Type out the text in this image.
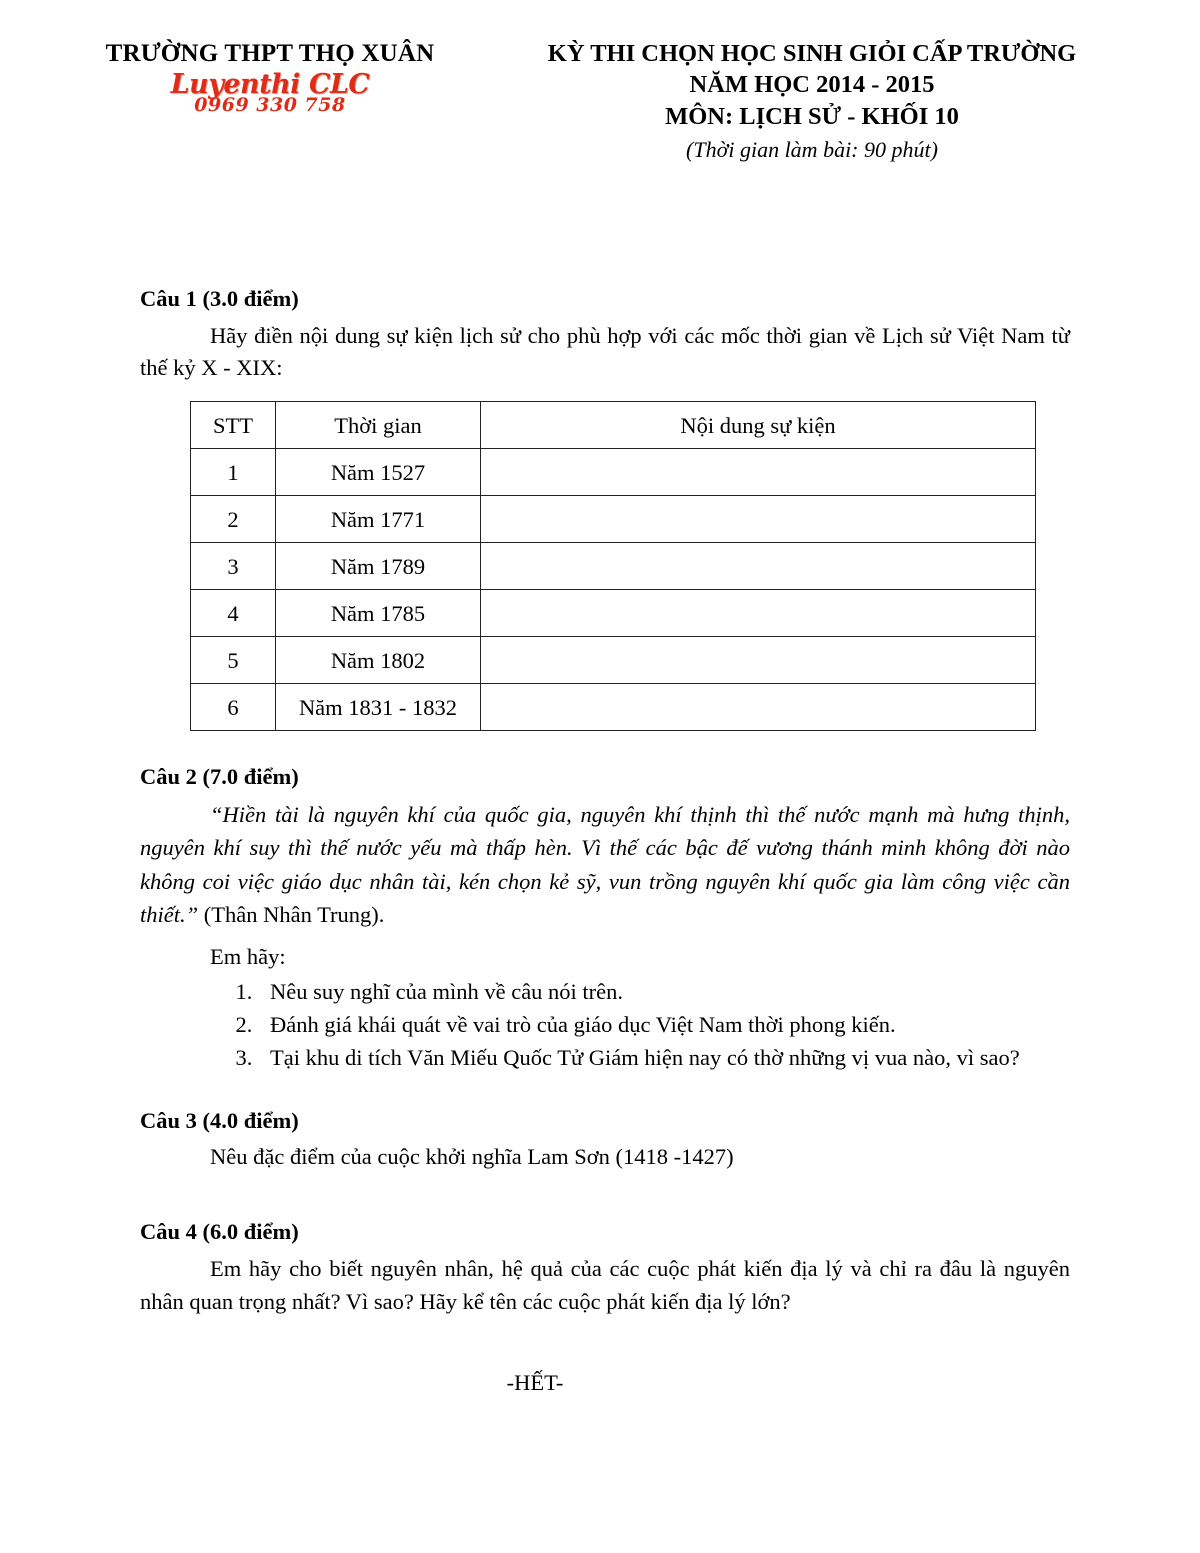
TRƯỜNG THPT THỌ XUÂN
Luyenthi CLC
0969 330 758
KỲ THI CHỌN HỌC SINH GIỎI CẤP TRƯỜNG
NĂM HỌC 2014 - 2015
MÔN: LỊCH SỬ - KHỐI 10
(Thời gian làm bài: 90 phút)
Câu 1 (3.0 điểm)

Hãy điền nội dung sự kiện lịch sử cho phù hợp với các mốc thời gian về Lịch sử Việt Nam từ thế kỷ X - XIX:

STT	Thời gian	Nội dung sự kiện
1	Năm 1527	
2	Năm 1771	
3	Năm 1789	
4	Năm 1785	
5	Năm 1802	
6	Năm 1831 - 1832	
Câu 2 (7.0 điểm)

“Hiền tài là nguyên khí của quốc gia, nguyên khí thịnh thì thế nước mạnh mà hưng thịnh, nguyên khí suy thì thế nước yếu mà thấp hèn. Vì thế các bậc đế vương thánh minh không đời nào không coi việc giáo dục nhân tài, kén chọn kẻ sỹ, vun trồng nguyên khí quốc gia làm công việc cần thiết.” (Thân Nhân Trung).

Em hãy:

1. Nêu suy nghĩ của mình về câu nói trên.
2. Đánh giá khái quát về vai trò của giáo dục Việt Nam thời phong kiến.
3. Tại khu di tích Văn Miếu Quốc Tử Giám hiện nay có thờ những vị vua nào, vì sao?
Câu 3 (4.0 điểm)

Nêu đặc điểm của cuộc khởi nghĩa Lam Sơn (1418 -1427)

Câu 4 (6.0 điểm)

Em hãy cho biết nguyên nhân, hệ quả của các cuộc phát kiến địa lý và chỉ ra đâu là nguyên nhân quan trọng nhất? Vì sao? Hãy kể tên các cuộc phát kiến địa lý lớn?

-HẾT-
